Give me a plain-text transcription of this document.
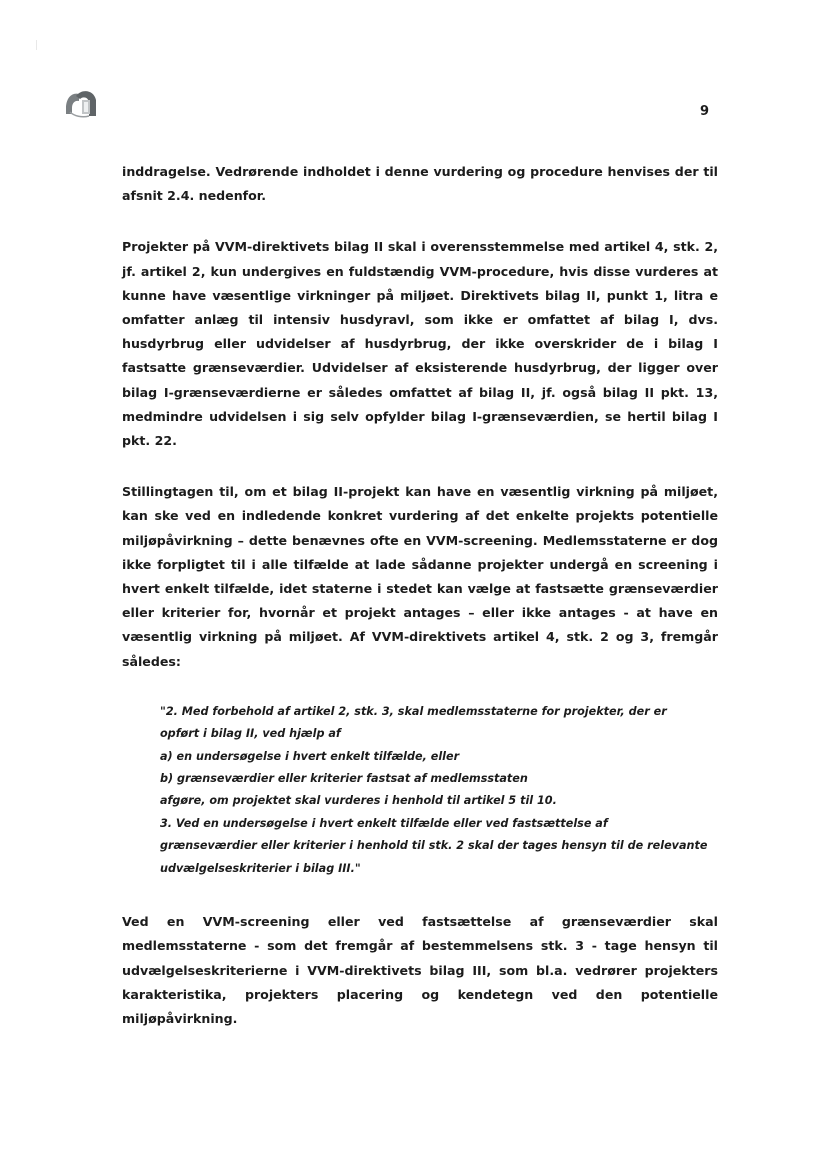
9

inddragelse. Vedrørende indholdet i denne vurdering og procedure henvises der til afsnit 2.4. nedenfor.

Projekter på VVM-direktivets bilag II skal i overensstemmelse med artikel 4, stk. 2, jf. artikel 2, kun undergives en fuldstændig VVM-procedure, hvis disse vurderes at kunne have væsentlige virkninger på miljøet. Direktivets bilag II, punkt 1, litra e omfatter anlæg til intensiv husdyravl, som ikke er omfattet af bilag I, dvs. husdyrbrug eller udvidelser af husdyrbrug, der ikke overskrider de i bilag I fastsatte grænseværdier. Udvidelser af eksisterende husdyrbrug, der ligger over bilag I-grænseværdierne er således omfattet af bilag II, jf. også bilag II pkt. 13, medmindre udvidelsen i sig selv opfylder bilag I-grænseværdien, se hertil bilag I pkt. 22.

Stillingtagen til, om et bilag II-projekt kan have en væsentlig virkning på miljøet, kan ske ved en indledende konkret vurdering af det enkelte projekts potentielle miljøpåvirkning – dette benævnes ofte en VVM-screening. Medlemsstaterne er dog ikke forpligtet til i alle tilfælde at lade sådanne projekter undergå en screening i hvert enkelt tilfælde, idet staterne i stedet kan vælge at fastsætte grænseværdier eller kriterier for, hvornår et projekt antages – eller ikke antages - at have en væsentlig virkning på miljøet. Af VVM-direktivets artikel 4, stk. 2 og 3, fremgår således:

"2. Med forbehold af artikel 2, stk. 3, skal medlemsstaterne for projekter, der er opført i bilag II, ved hjælp af
a) en undersøgelse i hvert enkelt tilfælde, eller
b) grænseværdier eller kriterier fastsat af medlemsstaten
afgøre, om projektet skal vurderes i henhold til artikel 5 til 10.
3. Ved en undersøgelse i hvert enkelt tilfælde eller ved fastsættelse af grænseværdier eller kriterier i henhold til stk. 2 skal der tages hensyn til de relevante udvælgelseskriterier i bilag III."

Ved en VVM-screening eller ved fastsættelse af grænseværdier skal medlemsstaterne - som det fremgår af bestemmelsens stk. 3 - tage hensyn til udvælgelseskriterierne i VVM-direktivets bilag III, som bl.a. vedrører projekters karakteristika, projekters placering og kendetegn ved den potentielle miljøpåvirkning.
